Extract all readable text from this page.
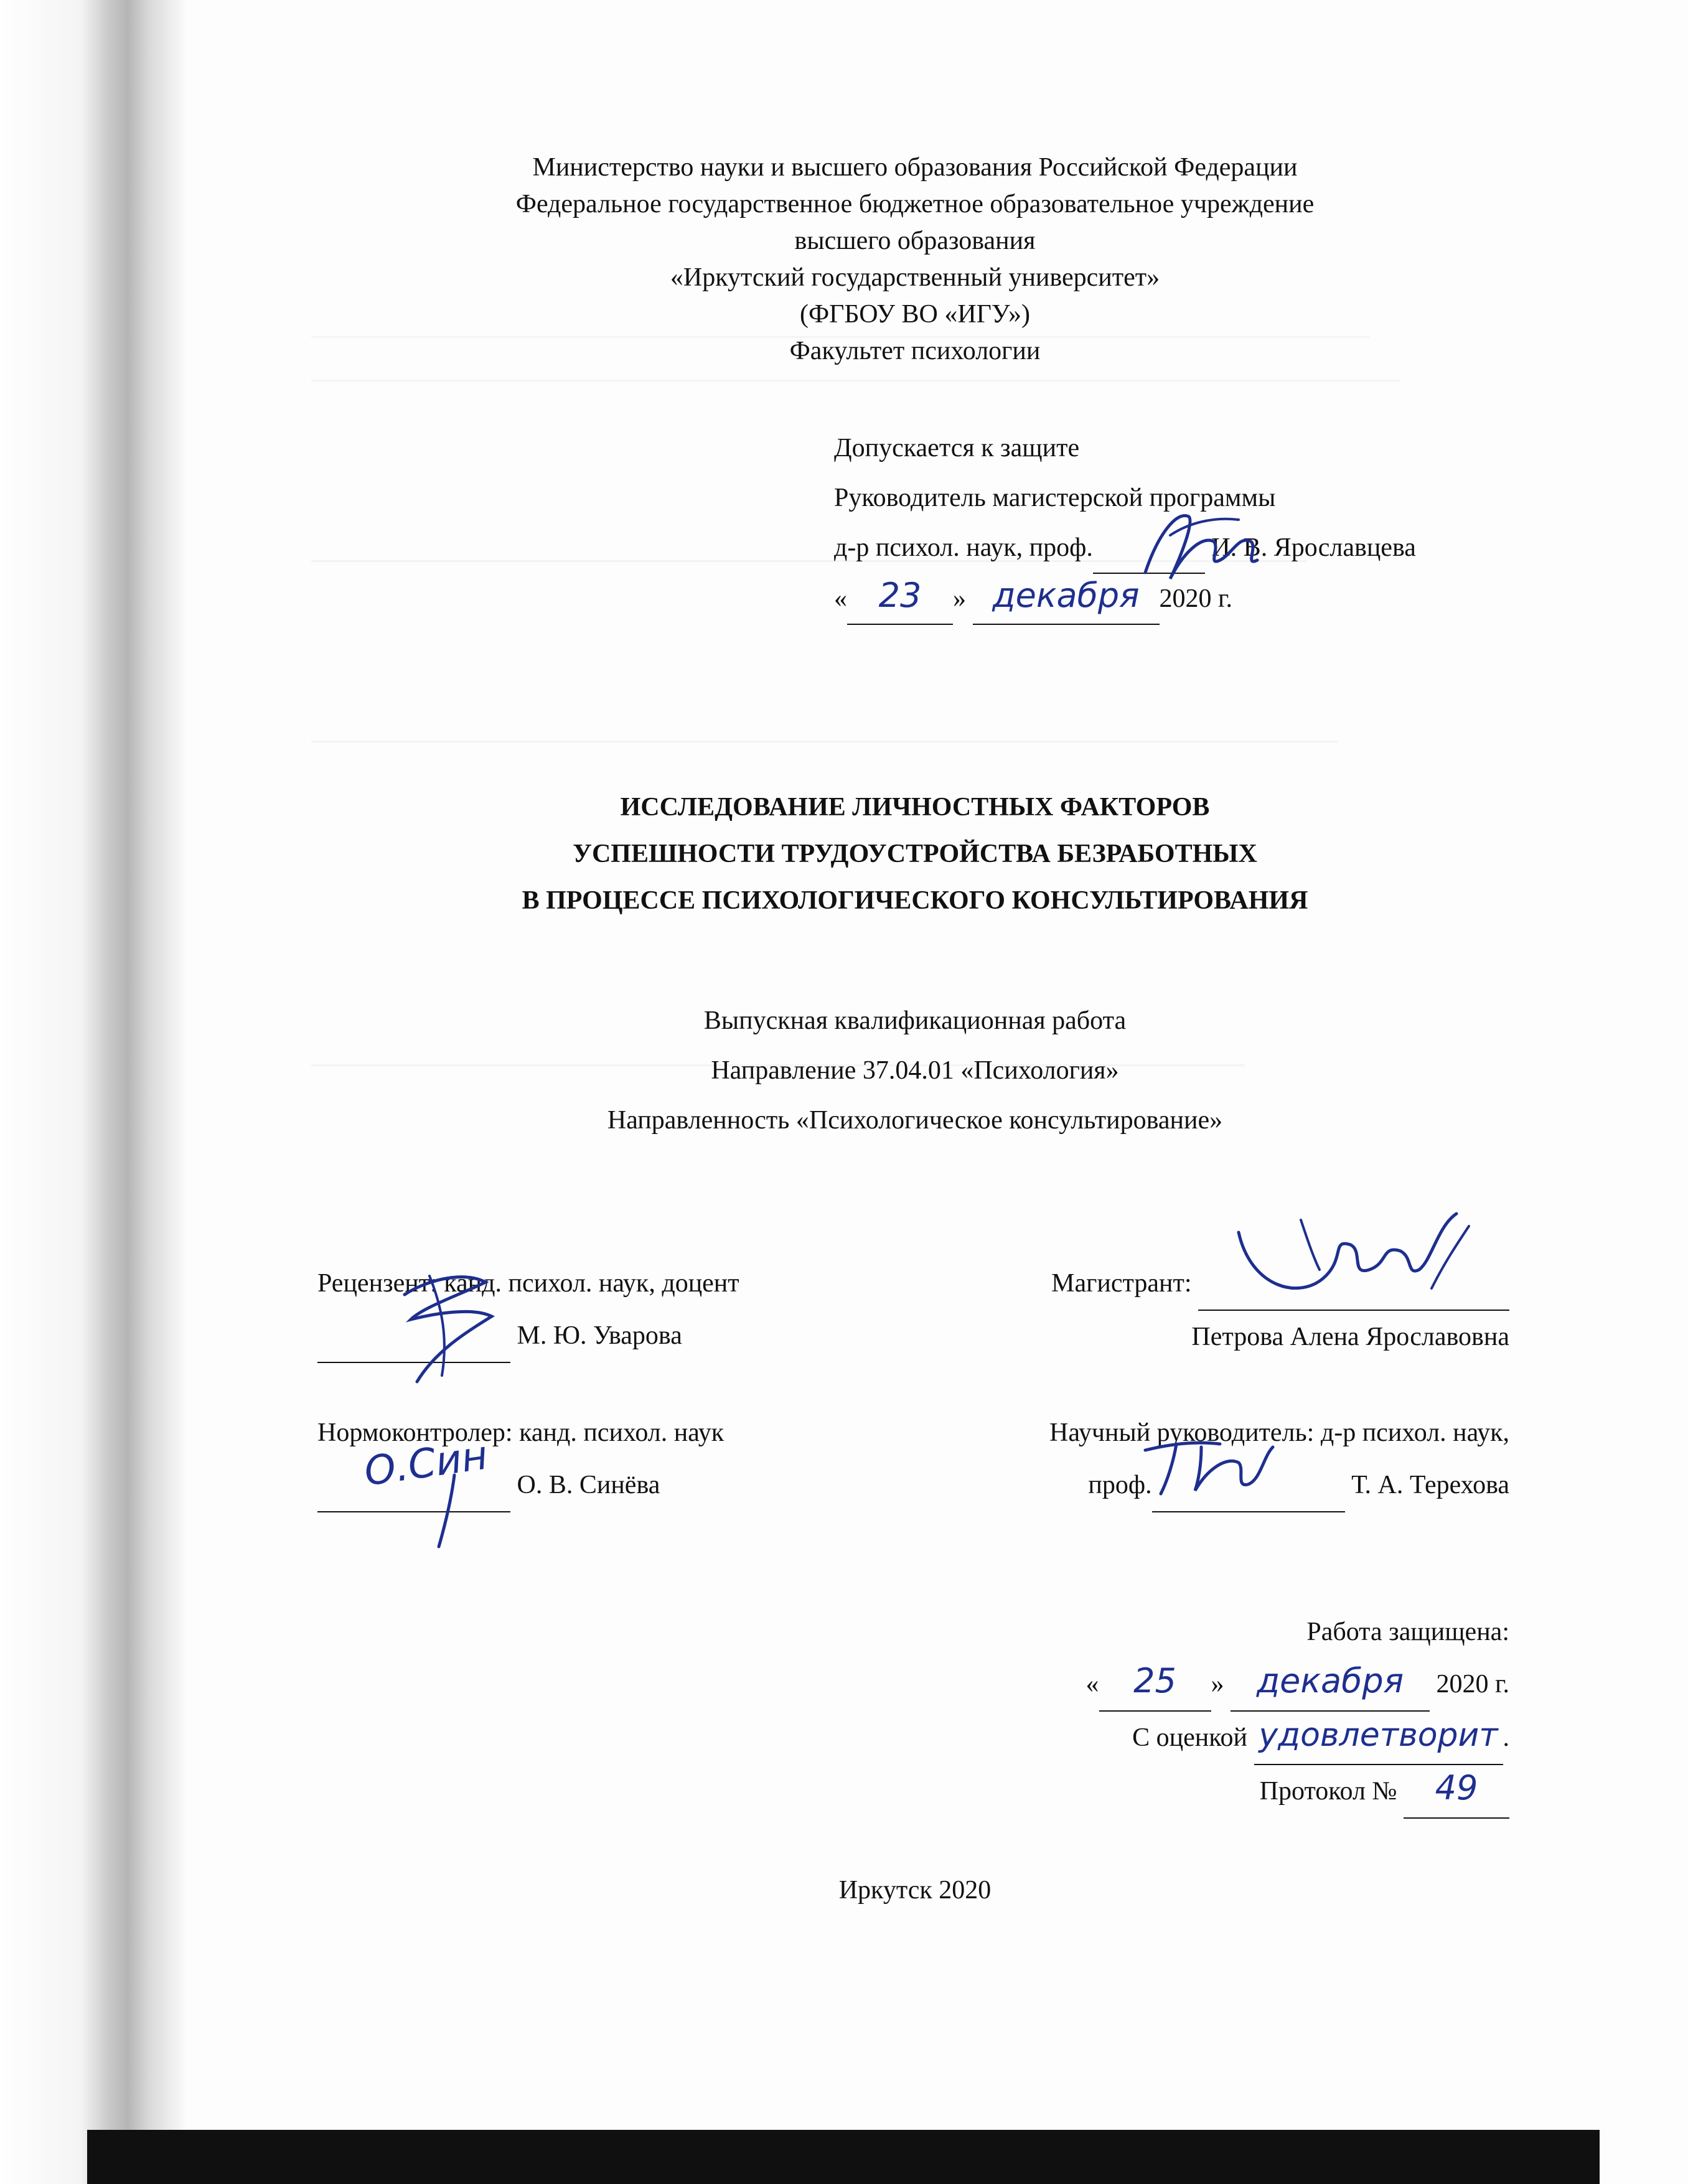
Министерство науки и высшего образования Российской Федерации
Федеральное государственное бюджетное образовательное учреждение
высшего образования
«Иркутский государственный университет»
(ФГБОУ ВО «ИГУ»)
Факультет психологии
Допускается к защите
Руководитель магистерской программы
д-р психол. наук, проф.	И. В. Ярославцева
« 23 » декабря 2020 г.
ИССЛЕДОВАНИЕ ЛИЧНОСТНЫХ ФАКТОРОВ
УСПЕШНОСТИ ТРУДОУСТРОЙСТВА БЕЗРАБОТНЫХ
В ПРОЦЕССЕ ПСИХОЛОГИЧЕСКОГО КОНСУЛЬТИРОВАНИЯ
Выпускная квалификационная работа
Направление 37.04.01 «Психология»
Направленность «Психологическое консультирование»
Рецензент: канд. психол. наук, доцент
М. Ю. Уварова
Магистрант:
Петрова Алена Ярославовна
Нормоконтролер: канд. психол. наук
О. В. Синёва
О.Син	Научный руководитель: д-р психол. наук,
проф.	Т. А. Терехова
Работа защищена:
« 25 » декабря 2020 г.
С оценкой удовлетворит .
Протокол № 49
Иркутск 2020
